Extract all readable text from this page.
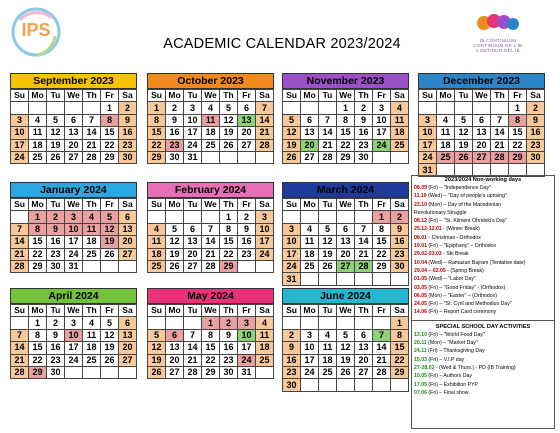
IPS
ACADEMIC CALENDAR 2023/2024	IB CONTINUUM
CONTINUUM DE L'IB
CONTINUO DEL IB
September 2023
Su	Mo	Tu	We	Th	Fr	Sa
					1	2
3	4	5	6	7	8	9
10	11	12	13	14	15	16
17	18	19	20	21	22	23
24	25	26	27	28	29	30
October 2023
Su	Mo	Tu	We	Th	Fr	Sa
1	2	3	4	5	6	7
8	9	10	11	12	13	14
15	16	17	18	19	20	21
22	23	24	25	26	27	28
29	30	31				
November 2023
Su	Mo	Tu	We	Th	Fr	Sa
			1	2	3	4
5	6	7	8	9	10	11
12	13	14	15	16	17	18
19	20	21	22	23	24	25
26	27	28	29	30		
December 2023
Su	Mo	Tu	We	Th	Fr	Sa
					1	2
3	4	5	6	7	8	9
10	11	12	13	14	15	16
17	18	19	20	21	22	23
24	25	26	27	28	29	30
31						
January 2024
Su	Mo	Tu	We	Th	Fr	Sa
	1	2	3	4	5	6
7	8	9	10	11	12	13
14	15	16	17	18	19	20
21	22	23	24	25	26	27
28	29	30	31			
February 2024
Su	Mo	Tu	We	Th	Fr	Sa
				1	2	3
4	5	6	7	8	9	10
11	12	13	14	15	16	17
18	19	20	21	22	23	24
25	26	27	28	29		
March 2024
Su	Mo	Tu	We	Th	Fr	Sa
					1	2
3	4	5	6	7	8	9
10	11	12	13	14	15	16
17	18	19	20	21	22	23
24	25	26	27	28	29	30
31						
April 2024
Su	Mo	Tu	We	Th	Fr	Sa
	1	2	3	4	5	6
7	8	9	10	11	12	13
14	15	16	17	18	19	20
21	22	23	24	25	26	27
28	29	30				
May 2024
Su	Mo	Tu	We	Th	Fr	Sa
			1	2	3	4
5	6	7	8	9	10	11
12	13	14	15	16	17	18
19	20	21	22	23	24	25
26	27	28	29	30	31	
June 2024
Su	Mo	Tu	We	Th	Fr	Sa
						1
2	3	4	5	6	7	8
9	10	11	12	13	14	15
16	17	18	19	20	21	22
23	24	25	26	27	28	29
30						
2023/2024 Non-working days
08.09 (Fri) – "Independence Day"
11.10 (Wed) – "Day of people's uprising"
23.10 (Mon) – Day of the Macedonian
Revolutionary Struggle
08.12 (Fri) – "St. Kliment Ohridski's Day"
25.12-12.01 - (Winter Break)
08.01 - Christmas - Orthodox
19.01 (Fri) – "Epiphany" – Orthodox
29.02-03.03 - Ski Break
10.04 (Wed) – Ramazan Bajram (Tentative date)
29.04 – 02.05 - (Spring Break)
01.05 (Wed) – "Labor Day"
03.05 (Fri) – "Good Friday" - (Orthodox)
06.05 (Mon) – "Easter" – (Orthodox)
24.05 (Fri) – "St. Cyril and Methodius Day"
14.06 (Fri) – Report Card ceremony
SPECIAL SCHOOL DAY ACTIVITIES
13.10 (Fri) – "World Food Day"
20.11 (Mon) – "Market Day"
24.11 (Fri) – Thanksgiving Day
15.03 (Fri) – V.I.P day
27-28.03 - (Wed & Thurs.) - PD (IB Training)
10.05 (Fri) – Authors Day
17.05 (Fri) – Exhibition PYP
07.06 (Fri) – Final show
